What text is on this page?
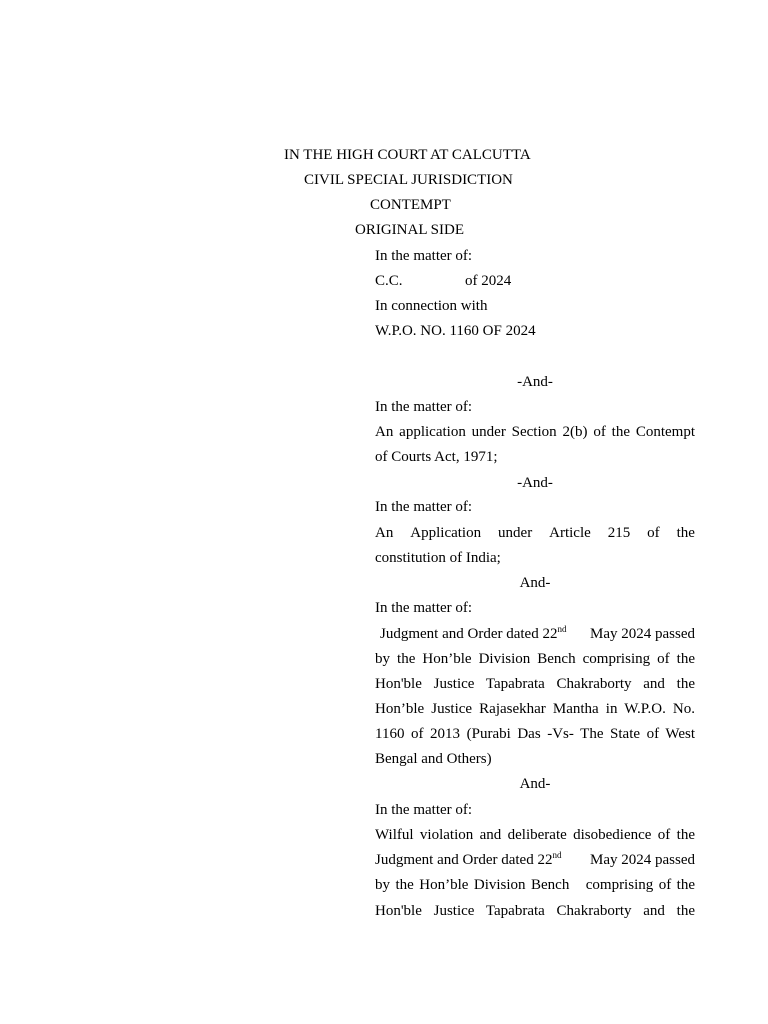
IN THE HIGH COURT AT CALCUTTA
CIVIL SPECIAL JURISDICTION
CONTEMPT
ORIGINAL SIDE
In the matter of:
C.C.	of 2024
In connection with
W.P.O. NO. 1160 OF 2024
-And-
In the matter of:
An application under Section 2(b) of the Contempt
of Courts Act, 1971;
-And-
In the matter of:
An Application under Article 215 of the
constitution of India;
And-
In the matter of:
Judgment and Order dated 22nd May 2024 passed
by the Hon’ble Division Bench comprising of the
Hon'ble Justice Tapabrata Chakraborty and the
Hon’ble Justice Rajasekhar Mantha in W.P.O. No.
1160 of 2013 (Purabi Das -Vs- The State of West
Bengal and Others)
And-
In the matter of:
Wilful violation and deliberate disobedience of the
Judgment and Order dated 22nd May 2024 passed
by the Hon’ble Division Bench   comprising of the
Hon'ble Justice Tapabrata Chakraborty and the
